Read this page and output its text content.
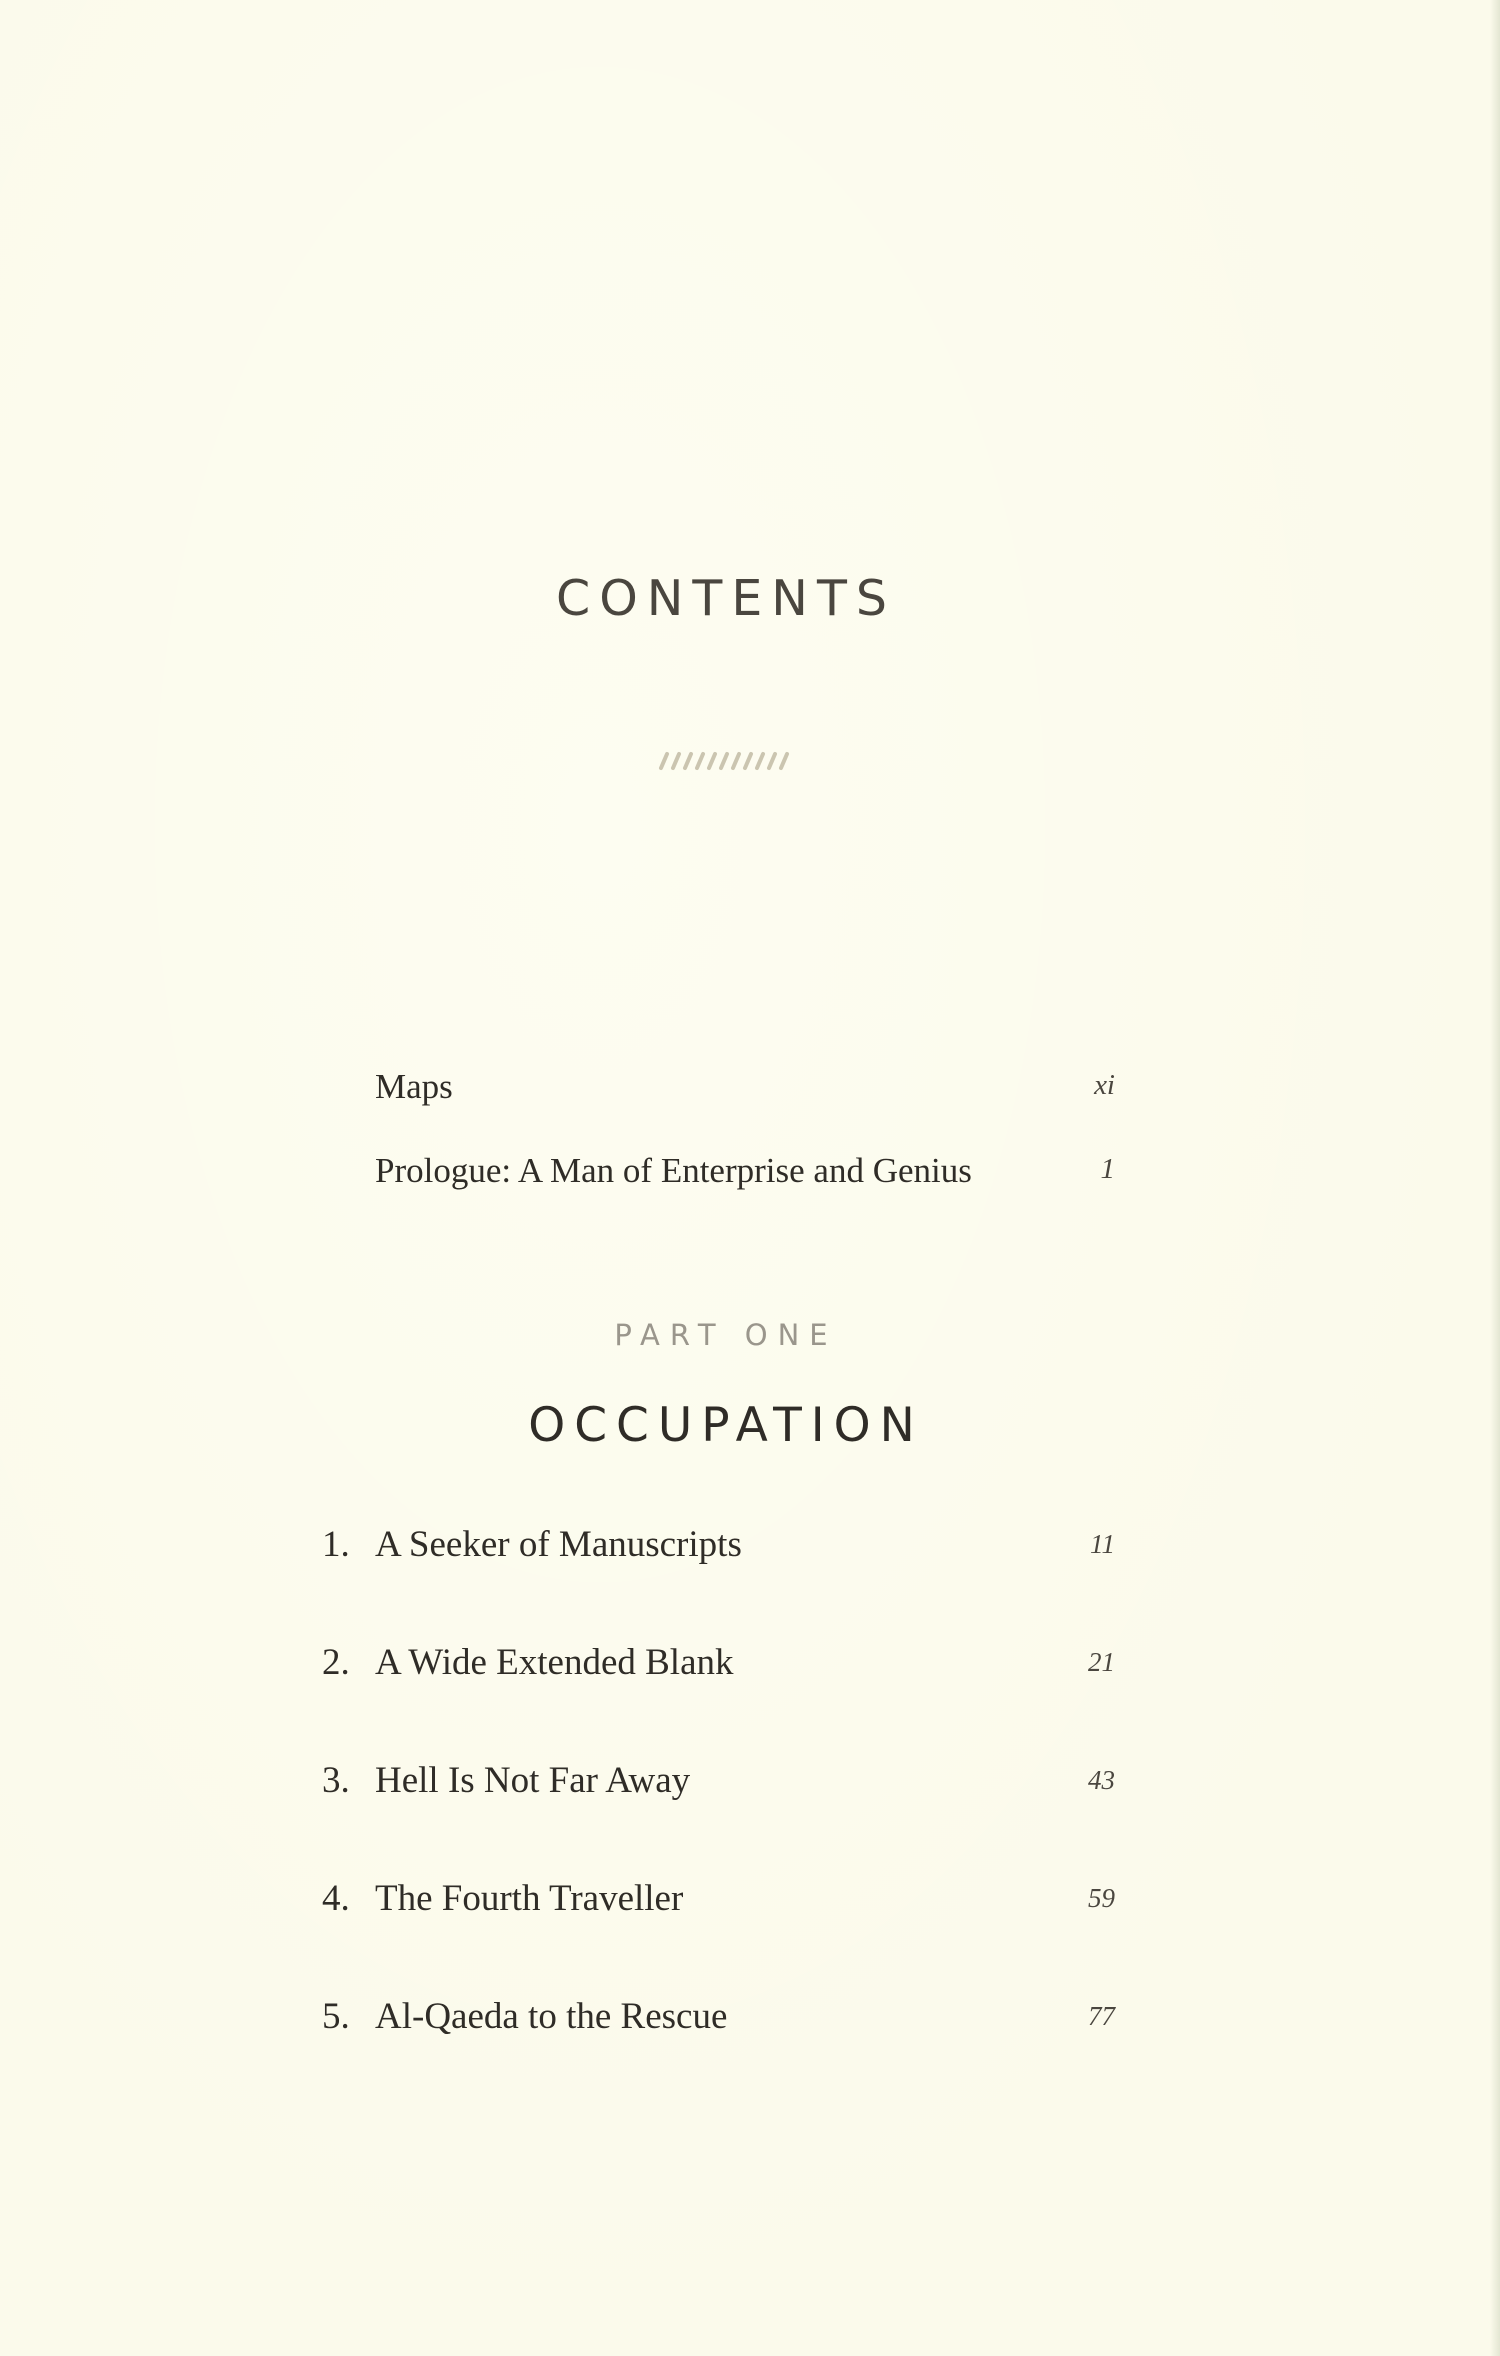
CONTENTS
Maps	xi
Prologue: A Man of Enterprise and Genius	1
PART ONE
OCCUPATION
1. A Seeker of Manuscripts	11
2. A Wide Extended Blank	21
3. Hell Is Not Far Away	43
4. The Fourth Traveller	59
5. Al-Qaeda to the Rescue	77
